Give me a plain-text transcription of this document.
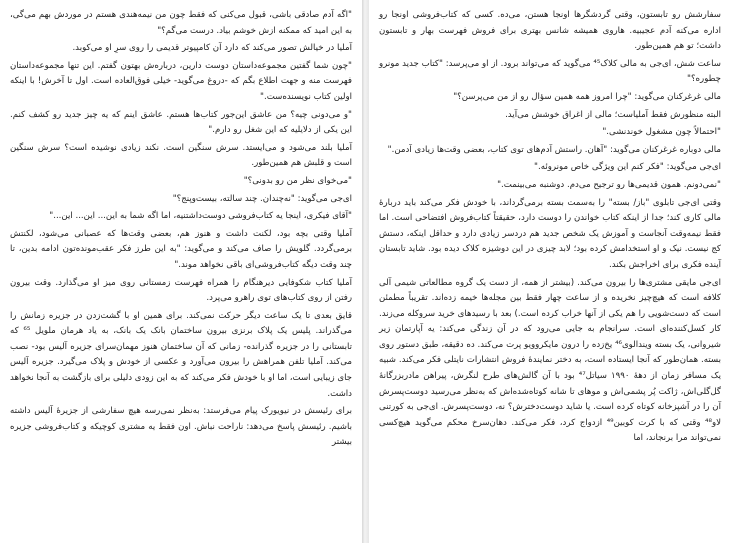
"اگه آدم صادقی باشی، قبول می‌کنی که فقط چون من نیمه‌هندی هستم در موردش بهم می‌گی، به این امید که ممکنه ازش خوشم بیاد. درست می‌گم؟"

آملیا در خیالش تصور می‌کند که دارد آن کامپیوتر قدیمی را روی سرِ او می‌کوبد.

"چون شما گفتین مجموعه‌داستان دوست دارین، درباره‌ش بهتون گفتم. این تنها مجموعه‌داستان فهرست منه و جهت اطلاع بگم که -دروغ می‌گوید- خیلی فوق‌العاده است. اول تا آخرش! با اینکه اولین کتاب نویسنده‌ست."

"و می‌دونی چیه؟ من عاشق این‌جور کتاب‌ها هستم. عاشق اینم که یه چیز جدید رو کشف کنم. این یکی از دلایلیه که این شغل رو دارم."

آملیا بلند می‌شود و می‌ایستد. سرش سنگین است. نکند زیادی نوشیده است؟ سرش سنگین است و قلبش هم همین‌طور.

"می‌خوای نظر من رو بدونی؟"

ای‌جی می‌گوید: "نه‌چندان. چند سالته، بیست‌وپنج؟"

"آقای فیکری، اینجا یه کتاب‌فروشی دوست‌داشتنیه، اما اگه شما به این... این... این..."

آملیا وقتی بچه بود، لکنت داشت و هنوز هم، بعضی وقت‌ها که عصبانی می‌شود، لکنتش برمی‌گردد. گلویش را صاف می‌کند و می‌گوید: "به این طرز فکر عقب‌مونده‌تون ادامه بدین، تا چند وقت دیگه کتاب‌فروشی‌ای باقی نخواهد موند."

آملیا کتاب شکوفایی دیرهنگام را همراه فهرست زمستانی روی میز او می‌گذارد. وقت بیرون رفتن از روی کتاب‌های توی راهرو می‌پرد.

قایق بعدی تا یک ساعت دیگر حرکت نمی‌کند. برای همین او با گشت‌زدن در جزیره زمانش را می‌گذراند. پلیس یک پلاک برنزی بیرون ساختمان بانک یک بانک، به یاد هرمان ملویل ⁶⁵ که تابستانی را در جزیره گذرانده- زمانی که آن ساختمان هنوز مهمان‌سرای جزیره آلیس بود- نصب می‌کند. آملیا تلفن همراهش را بیرون می‌آورد و عکسی از خودش و پلاک می‌گیرد. جزیره آلیس جای زیبایی است، اما او با خودش فکر می‌کند که به این زودی دلیلی برای بازگشت به آنجا نخواهد داشت.

برای رئیسش در نیویورک پیام می‌فرستد: به‌نظر نمی‌رسه هیچ سفارشی از جزیرهٔ آلیس داشته باشیم. رئیسش پاسخ می‌دهد: ناراحت نباش. اون فقط یه مشتری کوچیکه و کتاب‌فروشی جزیره بیشتر

سفارشش رو تابستون، وقتی گردشگرها اونجا هستن، می‌ده. کسی که کتاب‌فروشی اونجا رو اداره می‌کنه آدم عجیبیه. هاروی همیشه شانس بهتری برای فروش فهرست بهار و تابستون داشت؛ تو هم همین‌طور.

ساعت شش، ای‌جی به مالی کلاک⁴⁵ می‌گوید که می‌تواند برود. از او می‌پرسد: "کتاب جدید مونرو چطوره؟"

مالی غرغرکنان می‌گوید: "چرا امروز همه همین سؤال رو از من می‌پرسن؟"

البته منظورش فقط آملیاست؛ مالی از اغراق خوشش می‌آید.

"احتمالاً چون مشغول خوندنشی."

مالی دوباره غرغرکنان می‌گوید: "آهان. راستش آدم‌های توی کتاب، بعضی وقت‌ها زیادی آدمن."

ای‌جی می‌گوید: "فکر کنم این ویژگی خاص مونروئه."

"نمی‌دونم. همون قدیمی‌ها رو ترجیح می‌دم. دوشنبه می‌بینمت."

وقتی ای‌جی تابلوی "باز/ بسته" را به‌سمت بسته برمی‌گرداند، با خودش فکر می‌کند باید دربارهٔ مالی کاری کند؛ جدا از اینکه کتاب خواندن را دوست دارد، حقیقتاً کتاب‌فروش افتضاحی است. اما فقط نیمه‌وقت آنجاست و آموزش یک شخص جدید هم دردسر زیادی دارد و حداقل اینکه، دستش کج نیست. نیک و او استخدامش کرده بود؛ لابد چیزی در این دوشیزه کلاک دیده بود. شاید تابستان آینده فکری برای اخراجش بکند.

ای‌جی مایقی مشتری‌ها را بیرون می‌کند. (بیشتر از همه، از دست یک گروه مطالعاتی شیمی آلی کلافه است که هیچ‌چیز نخریده و از ساعت چهار فقط بین مجله‌ها خیمه زده‌اند. تقریباً مطمئن است که دست‌شویی را هم یکی از آنها خراب کرده است.) بعد با رسیدهای خرید سروکله می‌زند. کار کسل‌کننده‌ای است. سرانجام به جایی می‌رود که در آن زندگی می‌کند: یه آپارتمان زیر شیروانی، یک بسته ویندالوی⁴⁶ یخ‌زده را درون مایکروویو پرت می‌کند. ده دقیقه، طبق دستور روی بسته. همان‌طور که آنجا ایستاده است، به دختر نماینده‌ٔ فروش انتشارات نایتلی فکر می‌کند. شبیه یک مسافر زمان از دههٔ ۱۹۹۰ سیاتل⁴⁷ بود با آن گالش‌های طرح لنگرش، پیراهن مادربزرگانهٔ گل‌گلی‌اش، ژاکت پُر پشمی‌اش و موهای تا شانه کوتاه‌شده‌اش که به‌نظر می‌رسید دوست‌پسرش آن را در آشپزخانه کوتاه کرده است. یا شاید دوست‌دخترش؟ نه، دوست‌پسرش. ای‌جی به کورتنی لاو⁴⁸ وقتی که با کرت کوبین⁴⁹ ازدواج کرد، فکر می‌کند. دهان‌سرخ محکم می‌گوید هیچ‌کسی نمی‌تواند مرا برنجاند، اما
